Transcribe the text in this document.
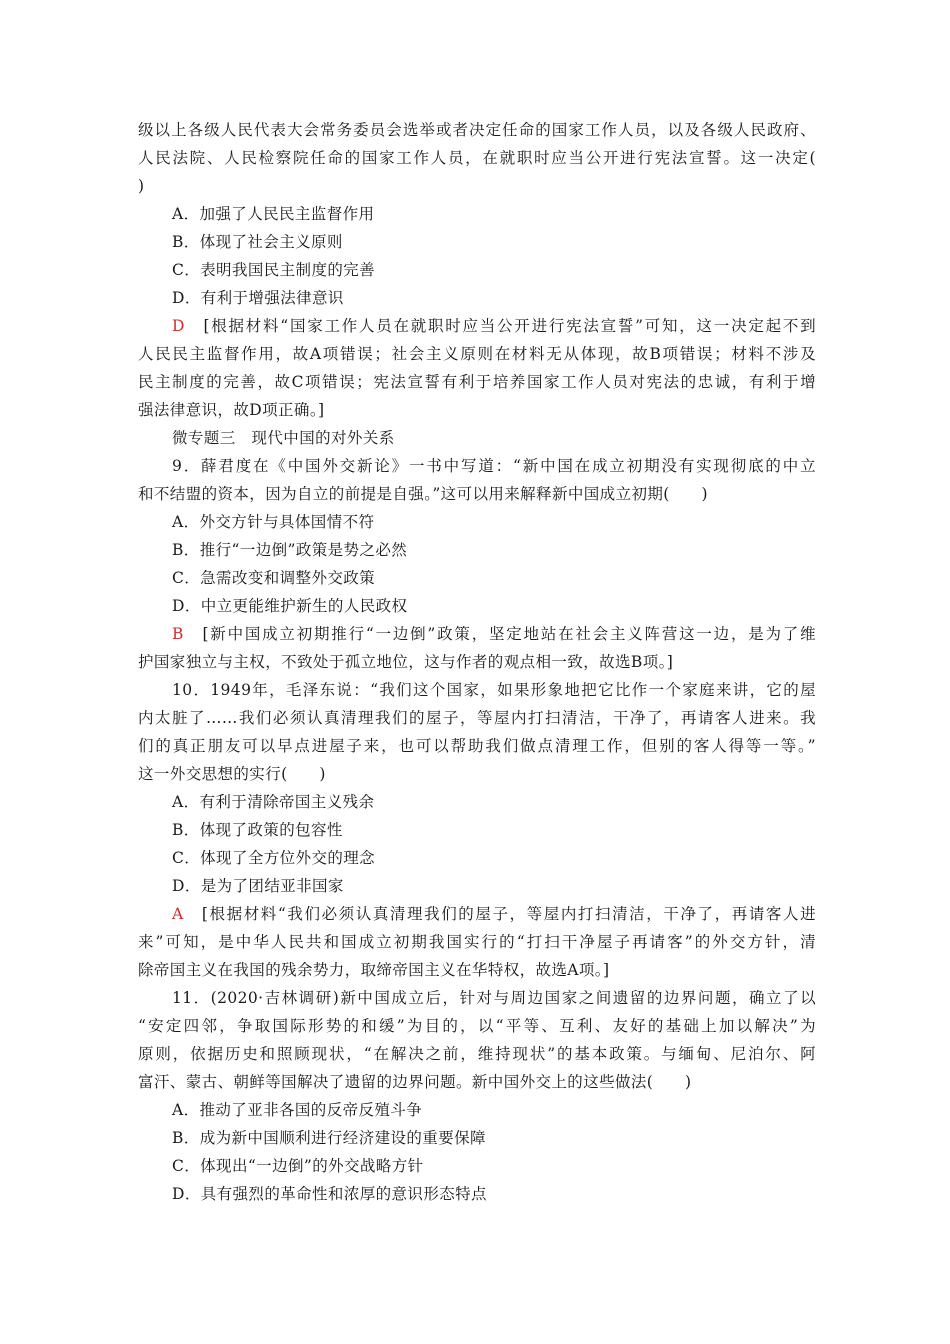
级以上各级人民代表大会常务委员会选举或者决定任命的国家工作人员，以及各级人民政府、
人民法院、人民检察院任命的国家工作人员，在就职时应当公开进行宪法宣誓。这一决定(
)
A．加强了人民民主监督作用
B．体现了社会主义原则
C．表明我国民主制度的完善
D．有利于增强法律意识
D　 [根据材料“国家工作人员在就职时应当公开进行宪法宣誓”可知，这一决定起不到
人民民主监督作用，故A项错误；社会主义原则在材料无从体现，故B项错误；材料不涉及
民主制度的完善，故C项错误；宪法宣誓有利于培养国家工作人员对宪法的忠诚，有利于增
强法律意识，故D项正确。]
微专题三　现代中国的对外关系
9．薛君度在《中国外交新论》一书中写道：“新中国在成立初期没有实现彻底的中立
和不结盟的资本，因为自立的前提是自强。”这可以用来解释新中国成立初期(　　)
A．外交方针与具体国情不符
B．推行“一边倒”政策是势之必然
C．急需改变和调整外交政策
D．中立更能维护新生的人民政权
B　 [新中国成立初期推行“一边倒”政策，坚定地站在社会主义阵营这一边，是为了维
护国家独立与主权，不致处于孤立地位，这与作者的观点相一致，故选B项。]
10．1949年，毛泽东说：“我们这个国家，如果形象地把它比作一个家庭来讲，它的屋
内太脏了……我们必须认真清理我们的屋子，等屋内打扫清洁，干净了，再请客人进来。我
们的真正朋友可以早点进屋子来，也可以帮助我们做点清理工作，但别的客人得等一等。”
这一外交思想的实行(　　)
A．有利于清除帝国主义残余
B．体现了政策的包容性
C．体现了全方位外交的理念
D．是为了团结亚非国家
A　 [根据材料“我们必须认真清理我们的屋子，等屋内打扫清洁，干净了，再请客人进
来”可知，是中华人民共和国成立初期我国实行的“打扫干净屋子再请客”的外交方针，清
除帝国主义在我国的残余势力，取缔帝国主义在华特权，故选A项。]
11．(2020·吉林调研)新中国成立后，针对与周边国家之间遗留的边界问题，确立了以
“安定四邻，争取国际形势的和缓”为目的，以“平等、互利、友好的基础上加以解决”为
原则，依据历史和照顾现状，“在解决之前，维持现状”的基本政策。与缅甸、尼泊尔、阿
富汗、蒙古、朝鲜等国解决了遗留的边界问题。新中国外交上的这些做法(　　)
A．推动了亚非各国的反帝反殖斗争
B．成为新中国顺利进行经济建设的重要保障
C．体现出“一边倒”的外交战略方针
D．具有强烈的革命性和浓厚的意识形态特点
